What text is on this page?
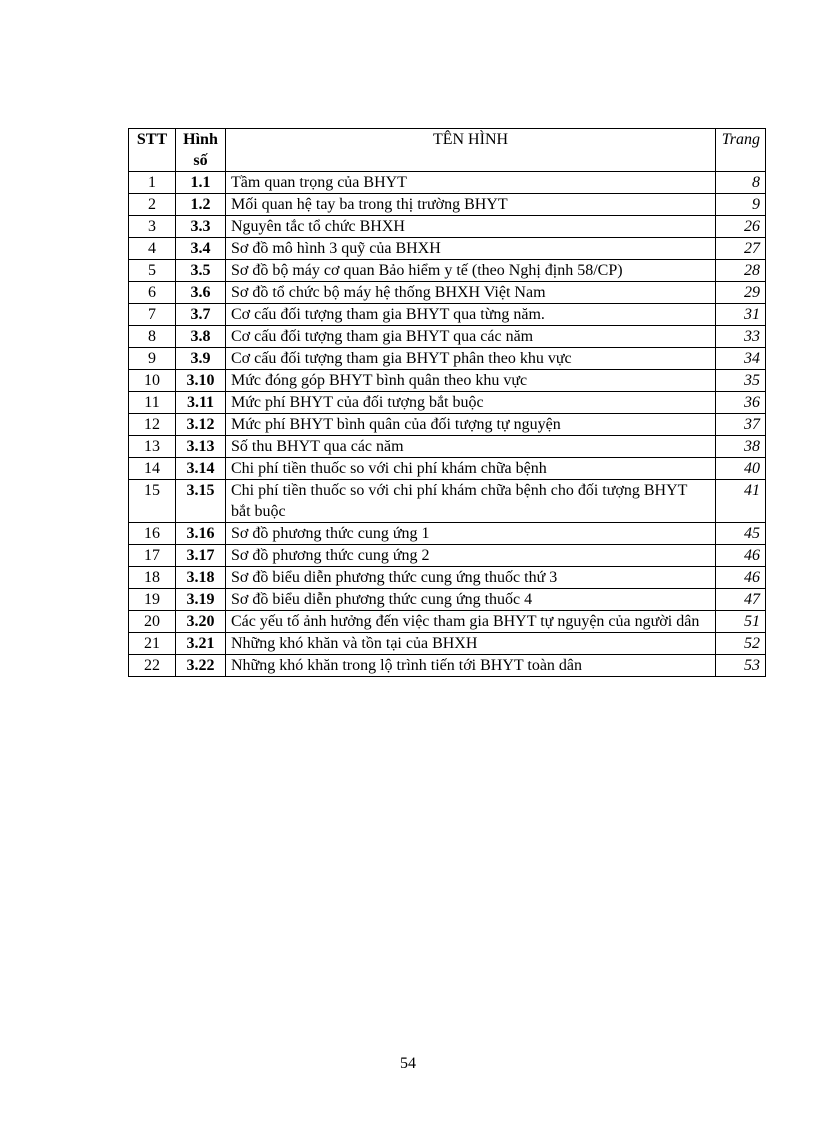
STT	Hình số	TÊN HÌNH	Trang
1	1.1	Tầm quan trọng của BHYT	8
2	1.2	Mối quan hệ tay ba trong thị trường BHYT	9
3	3.3	Nguyên tắc tổ chức BHXH	26
4	3.4	Sơ đồ mô hình 3 quỹ của BHXH	27
5	3.5	Sơ đồ bộ máy cơ quan Bảo hiểm y tế (theo Nghị định 58/CP)	28
6	3.6	Sơ đồ tổ chức bộ máy hệ thống BHXH Việt Nam	29
7	3.7	Cơ cấu đối tượng tham gia BHYT qua từng năm.	31
8	3.8	Cơ cấu đối tượng tham gia BHYT qua các năm	33
9	3.9	Cơ cấu đối tượng tham gia BHYT phân theo khu vực	34
10	3.10	Mức đóng góp BHYT bình quân theo khu vực	35
11	3.11	Mức phí BHYT của đối tượng bắt buộc	36
12	3.12	Mức phí BHYT bình quân của đối tượng tự nguyện	37
13	3.13	Số thu BHYT qua các năm	38
14	3.14	Chi phí tiền thuốc so với chi phí khám chữa bệnh	40
15	3.15	Chi phí tiền thuốc so với chi phí khám chữa bệnh cho đối tượng BHYT bắt buộc	41
16	3.16	Sơ đồ phương thức cung ứng 1	45
17	3.17	Sơ đồ phương thức cung ứng 2	46
18	3.18	Sơ đồ biểu diễn phương thức cung ứng thuốc thứ 3	46
19	3.19	Sơ đồ biểu diễn phương thức cung ứng thuốc 4	47
20	3.20	Các yếu tố ảnh hưởng đến việc tham gia BHYT tự nguyện của người dân	51
21	3.21	Những khó khăn và tồn tại của BHXH	52
22	3.22	Những khó khăn trong lộ trình tiến tới BHYT toàn dân	53
54
